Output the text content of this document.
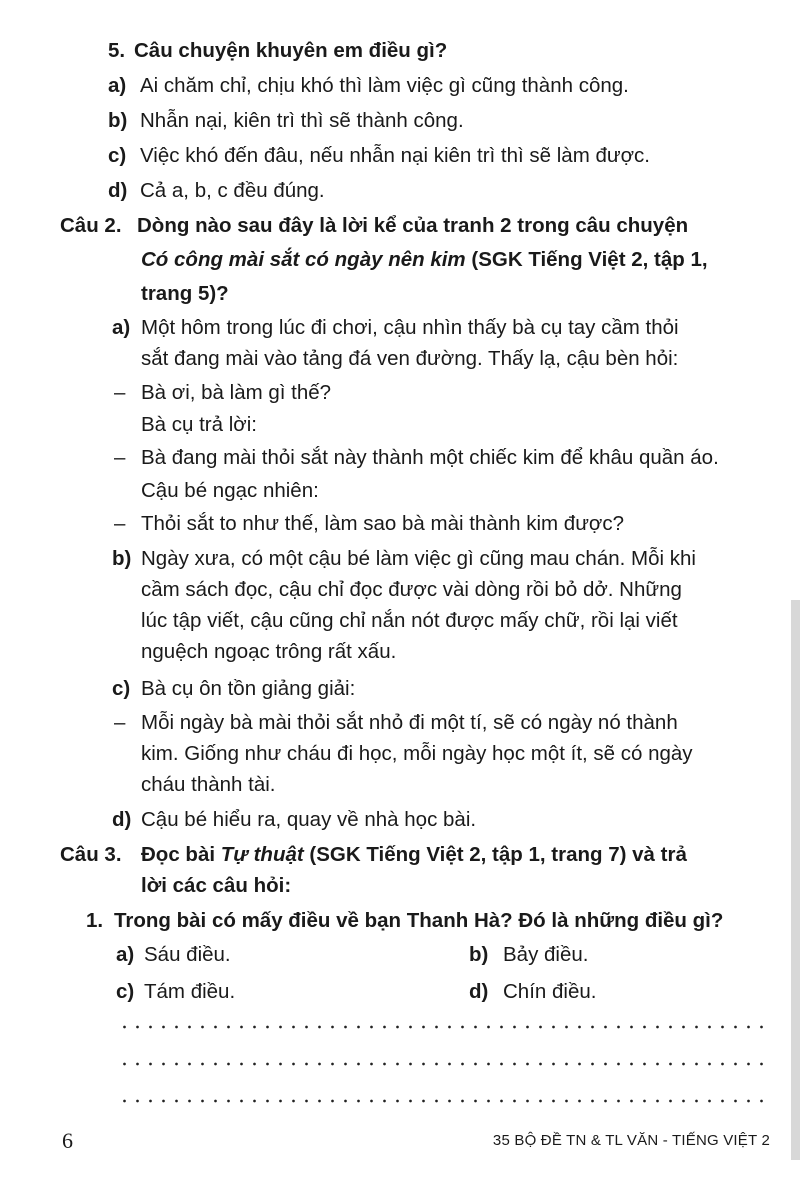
5. Câu chuyện khuyên em điều gì?
a) Ai chăm chỉ, chịu khó thì làm việc gì cũng thành công.
b) Nhẫn nại, kiên trì thì sẽ thành công.
c) Việc khó đến đâu, nếu nhẫn nại kiên trì thì sẽ làm được.
d) Cả a, b, c đều đúng.
Câu 2. Dòng nào sau đây là lời kể của tranh 2 trong câu chuyện
Có công mài sắt có ngày nên kim (SGK Tiếng Việt 2, tập 1,
trang 5)?
a) Một hôm trong lúc đi chơi, cậu nhìn thấy bà cụ tay cầm thỏi
sắt đang mài vào tảng đá ven đường. Thấy lạ, cậu bèn hỏi:
– Bà ơi, bà làm gì thế?
Bà cụ trả lời:
– Bà đang mài thỏi sắt này thành một chiếc kim để khâu quần áo.
Cậu bé ngạc nhiên:
– Thỏi sắt to như thế, làm sao bà mài thành kim được?
b) Ngày xưa, có một cậu bé làm việc gì cũng mau chán. Mỗi khi
cầm sách đọc, cậu chỉ đọc được vài dòng rồi bỏ dở. Những
lúc tập viết, cậu cũng chỉ nắn nót được mấy chữ, rồi lại viết
nguệch ngoạc trông rất xấu.
c) Bà cụ ôn tồn giảng giải:
– Mỗi ngày bà mài thỏi sắt nhỏ đi một tí, sẽ có ngày nó thành
kim. Giống như cháu đi học, mỗi ngày học một ít, sẽ có ngày
cháu thành tài.
d) Cậu bé hiểu ra, quay về nhà học bài.
Câu 3. Đọc bài Tự thuật (SGK Tiếng Việt 2, tập 1, trang 7) và trả
lời các câu hỏi:
1. Trong bài có mấy điều về bạn Thanh Hà? Đó là những điều gì?
a) Sáu điều.	b) Bảy điều.
c) Tám điều.	d) Chín điều.
6	35 BỘ ĐỀ TN & TL VĂN - TIẾNG VIỆT 2
